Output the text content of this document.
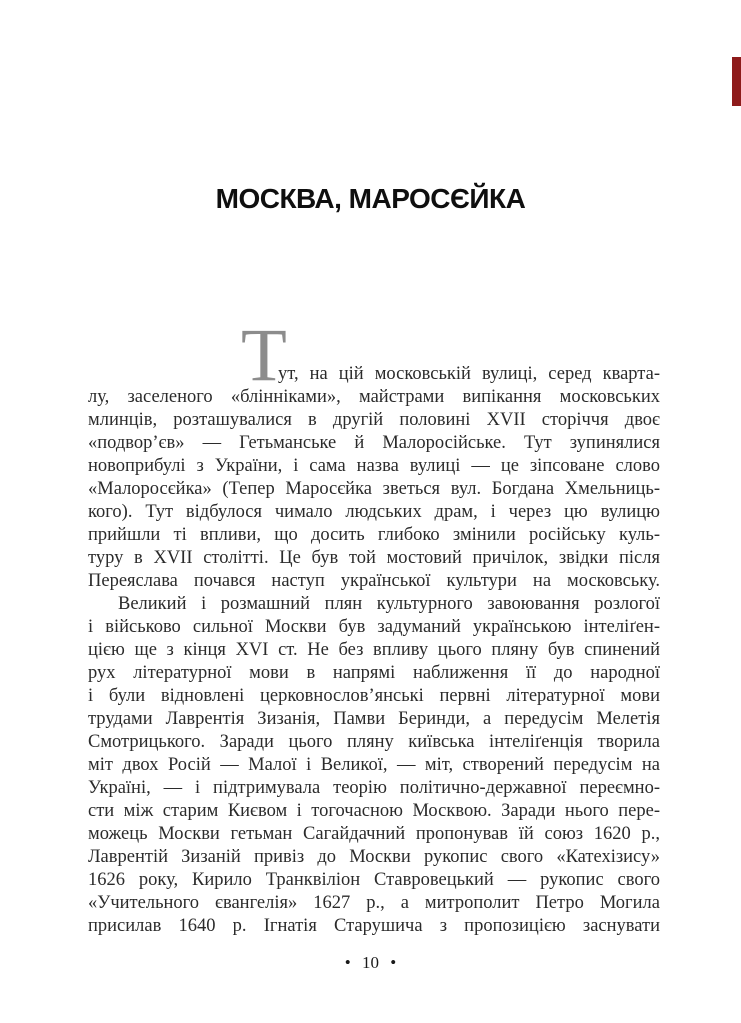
МОСКВА, МАРОСЄЙКА
Т
ут, на цій московській вулиці, серед кварта-
лу, заселеного «блінніками», майстрами випікання московських
млинців, розташувалися в другій половині XVII сторіччя двоє
«подвор’єв» — Гетьманське й Малоросійське. Тут зупинялися
новоприбулі з України, і сама назва вулиці — це зіпсоване слово
«Малоросєйка» (Тепер Маросєйка зветься вул. Богдана Хмельниць-
кого). Тут відбулося чимало людських драм, і через цю вулицю
прийшли ті впливи, що досить глибоко змінили російську куль-
туру в XVII столітті. Це був той мостовий причілок, звідки після
Переяслава почався наступ української культури на московську.
Великий і розмашний плян культурного завоювання розлогої
і військово сильної Москви був задуманий українською інтеліґен-
цією ще з кінця XVI ст. Не без впливу цього пляну був спинений
рух літературної мови в напрямі наближення її до народної
і були відновлені церковнослов’янські первні літературної мови
трудами Лаврентія Зизанія, Памви Беринди, а передусім Мелетія
Смотрицького. Заради цього пляну київська інтеліґенція творила
міт двох Росій — Малої і Великої, — міт, створений передусім на
Україні, — і підтримувала теорію політично-державної переємно-
сти між старим Києвом і тогочасною Москвою. Заради нього пере-
можець Москви гетьман Сагайдачний пропонував їй союз 1620 р.,
Лаврентій Зизаній привіз до Москви рукопис свого «Катехізису»
1626 року, Кирило Транквіліон Ставровецький — рукопис свого
«Учительного євангелія» 1627 р., а митрополит Петро Могила
присилав 1640 р. Ігнатія Старушича з пропозицією заснувати
• 10 •
